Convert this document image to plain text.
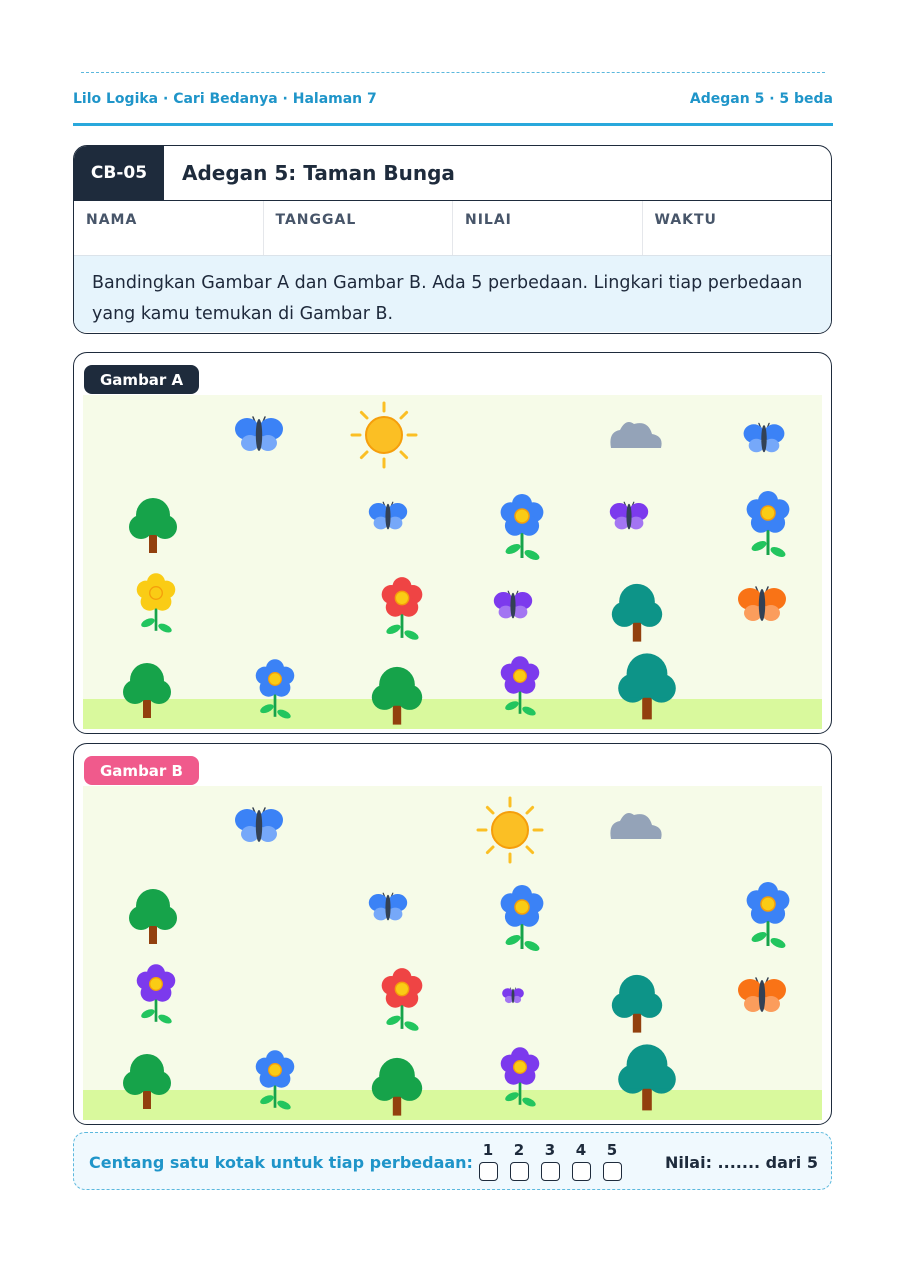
Lilo Logika · Cari Bedanya · Halaman 7	Adegan 5 · 5 beda
CB-05	Adegan 5: Taman Bunga
NAMA	TANGGAL	NILAI	WAKTU
Bandingkan Gambar A dan Gambar B. Ada 5 perbedaan. Lingkari tiap perbedaan yang kamu temukan di Gambar B.
Gambar A
Gambar B
Centang satu kotak untuk tiap perbedaan:
1 2 3 4 5
Nilai: ....... dari 5
